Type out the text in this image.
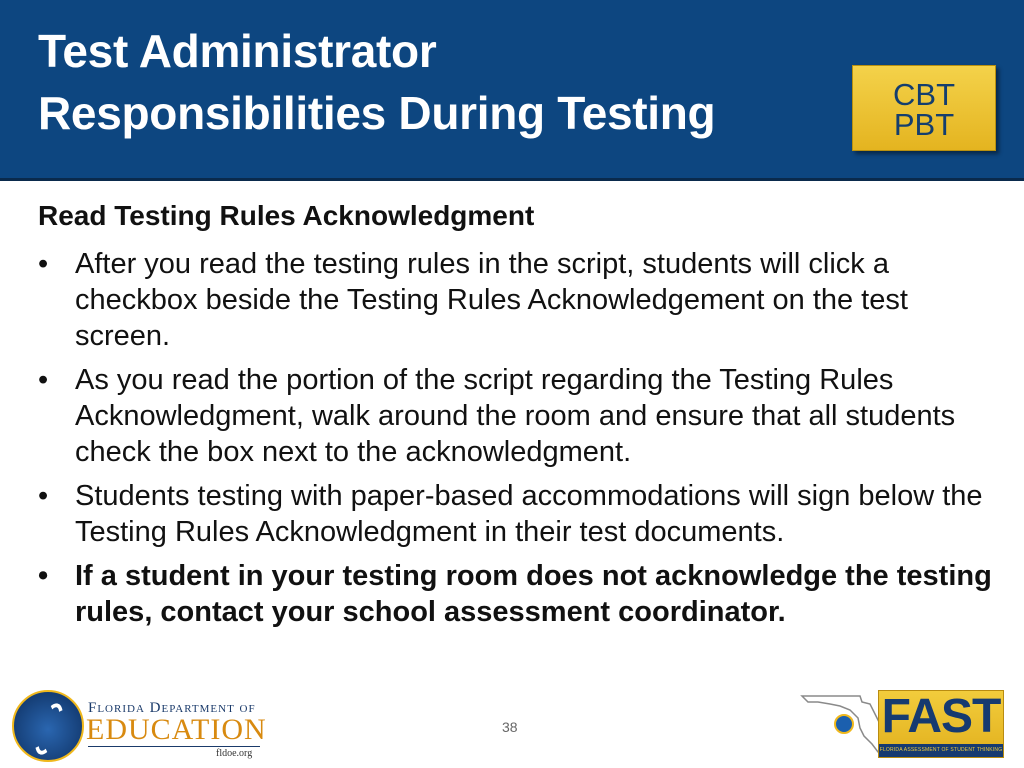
Test Administrator
Responsibilities During Testing	CBT
PBT
Read Testing Rules Acknowledgment
• After you read the testing rules in the script, students will click a checkbox beside the Testing Rules Acknowledgement on the test screen.
• As you read the portion of the script regarding the Testing Rules Acknowledgment, walk around the room and ensure that all students check the box next to the acknowledgment.
• Students testing with paper-based accommodations will sign below the Testing Rules Acknowledgment in their test documents.
• If a student in your testing room does not acknowledge the testing rules, contact your school assessment coordinator.
Florida Department of
EDUCATION
fldoe.org
38	FAST
FLORIDA ASSESSMENT OF STUDENT THINKING
